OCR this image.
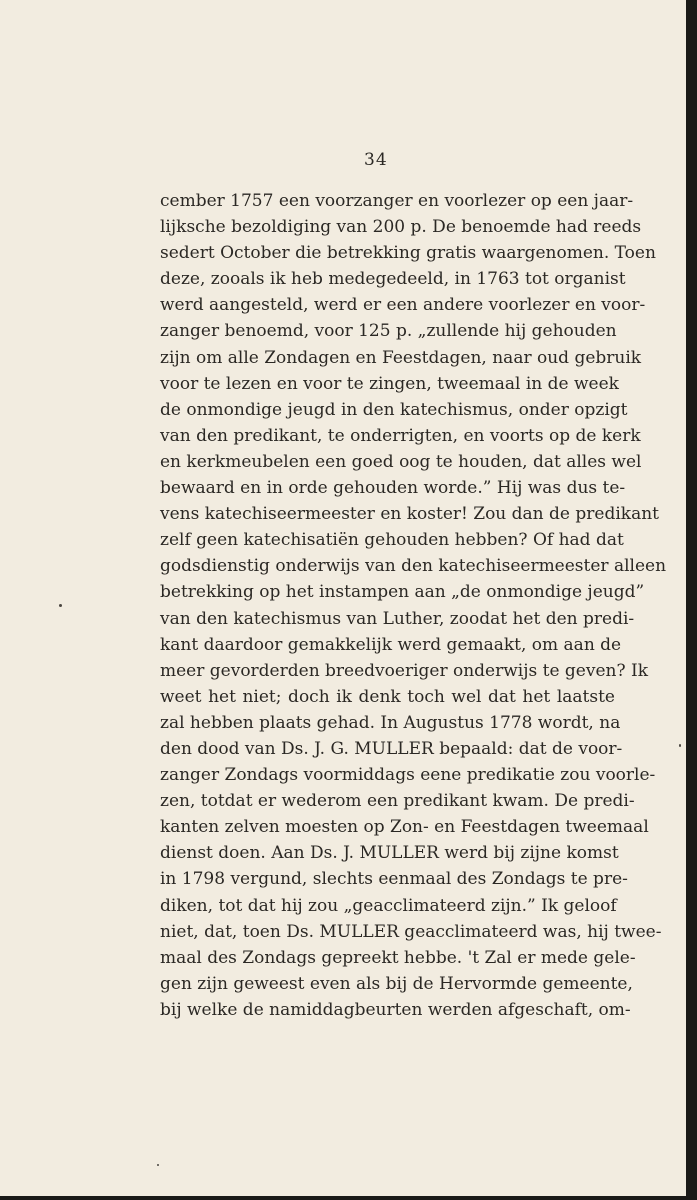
34
cember 1757 een voorzanger en voorlezer op een jaar-
lijksche bezoldiging van 200 p. De benoemde had reeds
sedert October die betrekking gratis waargenomen. Toen
deze, zooals ik heb medegedeeld, in 1763 tot organist
werd aangesteld, werd er een andere voorlezer en voor-
zanger benoemd, voor 125 p. „zullende hij gehouden
zijn om alle Zondagen en Feestdagen, naar oud gebruik
voor te lezen en voor te zingen, tweemaal in de week
de onmondige jeugd in den katechismus, onder opzigt
van den predikant, te onderrigten, en voorts op de kerk
en kerkmeubelen een goed oog te houden, dat alles wel
bewaard en in orde gehouden worde.” Hij was dus te-
vens katechiseermeester en koster! Zou dan de predikant
zelf geen katechisatiën gehouden hebben? Of had dat
godsdienstig onderwijs van den katechiseermeester alleen
betrekking op het instampen aan „de onmondige jeugd”
van den katechismus van Luther, zoodat het den predi-
kant daardoor gemakkelijk werd gemaakt, om aan de
meer gevorderden breedvoeriger onderwijs te geven? Ik
weet het niet; doch ik denk toch wel dat het laatste
zal hebben plaats gehad. In Augustus 1778 wordt, na
den dood van Ds. J. G. MULLER bepaald: dat de voor-
zanger Zondags voormiddags eene predikatie zou voorle-
zen, totdat er wederom een predikant kwam. De predi-
kanten zelven moesten op Zon- en Feestdagen tweemaal
dienst doen. Aan Ds. J. MULLER werd bij zijne komst
in 1798 vergund, slechts eenmaal des Zondags te pre-
diken, tot dat hij zou „geacclimateerd zijn.” Ik geloof
niet, dat, toen Ds. MULLER geacclimateerd was, hij twee-
maal des Zondags gepreekt hebbe. 't Zal er mede gele-
gen zijn geweest even als bij de Hervormde gemeente,
bij welke de namiddagbeurten werden afgeschaft, om-
